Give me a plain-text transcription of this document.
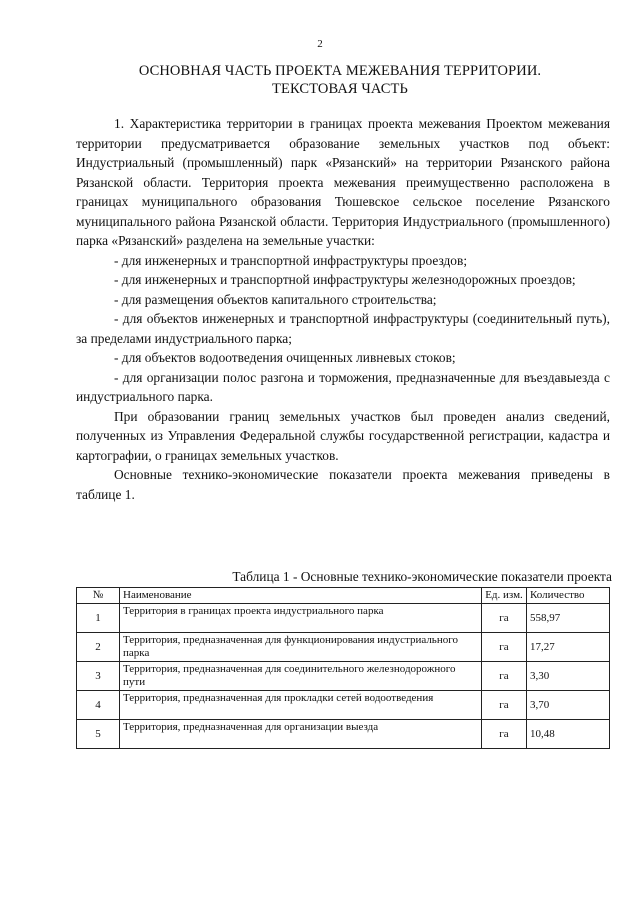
2
ОСНОВНАЯ ЧАСТЬ ПРОЕКТА МЕЖЕВАНИЯ ТЕРРИТОРИИ.
ТЕКСТОВАЯ ЧАСТЬ

1. Характеристика территории в границах проекта межевания Проектом межевания территории предусматривается образование земельных участков под объект: Индустриальный (промышленный) парк «Рязанский» на территории Рязанского района Рязанской области. Территория проекта межевания преимущественно расположена в границах муниципального образования Тюшевское сельское поселение Рязанского муниципального района Рязанской области. Территория Индустриального (промышленного) парка «Рязанский» разделена на земельные участки:

- для инженерных и транспортной инфраструктуры проездов;

- для инженерных и транспортной инфраструктуры железнодорожных проездов;

- для размещения объектов капитального строительства;

- для объектов инженерных и транспортной инфраструктуры (соединительный путь), за пределами индустриального парка;

- для объектов водоотведения очищенных ливневых стоков;

- для организации полос разгона и торможения, предназначенные для въездавыезда с индустриального парка.

При образовании границ земельных участков был проведен анализ сведений, полученных из Управления Федеральной службы государственной регистрации, кадастра и картографии, о границах земельных участков.

Основные технико-экономические показатели проекта межевания приведены в таблице 1.

Таблица 1 - Основные технико-экономические показатели проекта
№	Наименование	Ед. изм.	Количество
1	Территория в границах проекта индустриального парка	га	558,97
2	Территория, предназначенная для функционирования индустриального парка	га	17,27
3	Территория, предназначенная для соединительного железнодорожного пути	га	3,30
4	Территория, предназначенная для прокладки сетей водоотведения	га	3,70
5	Территория, предназначенная для организации выезда	га	10,48
